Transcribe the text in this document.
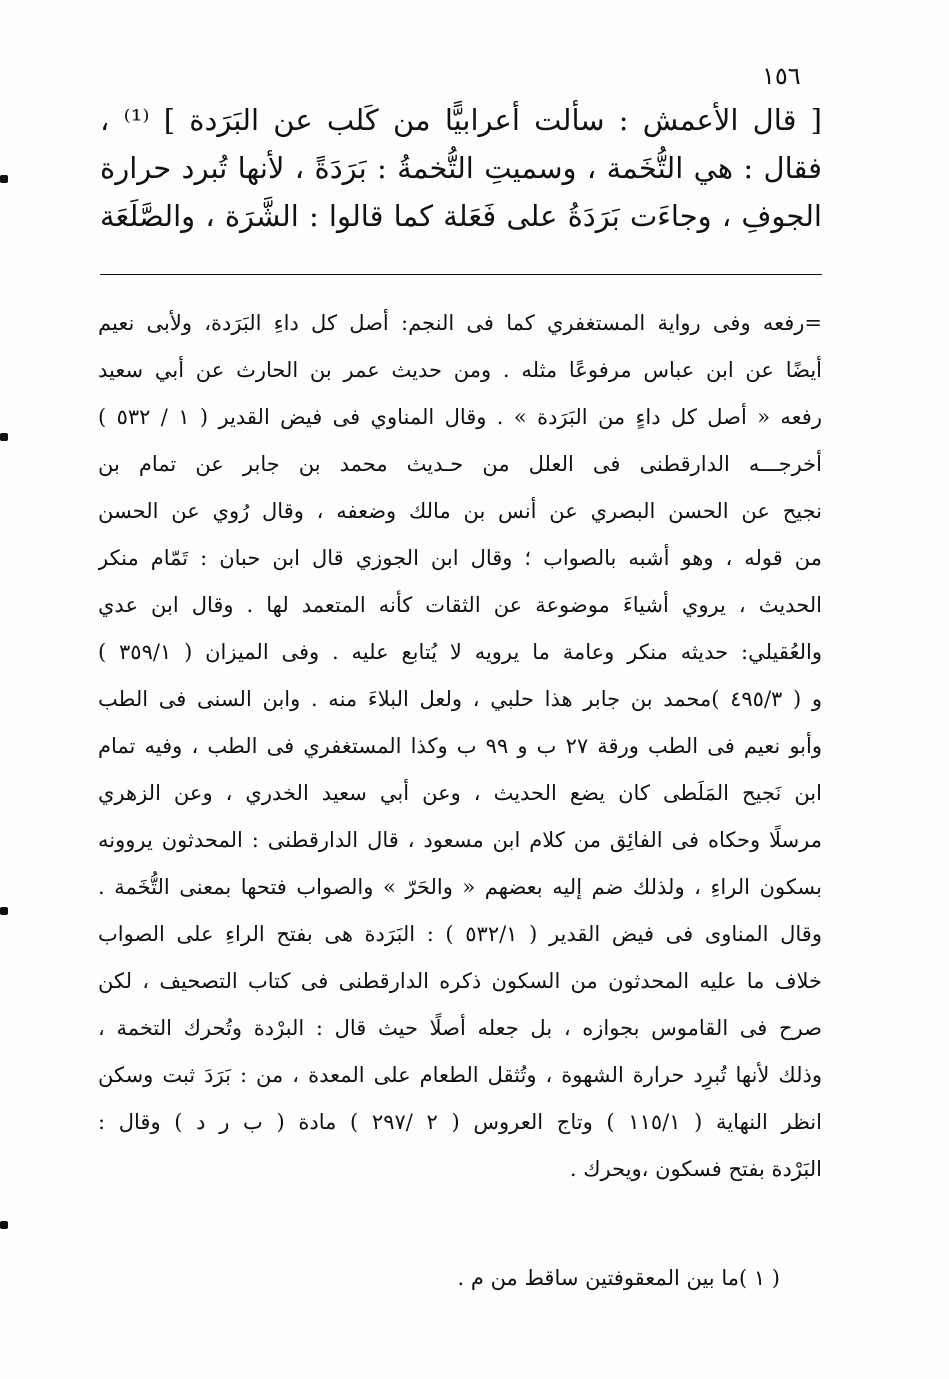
١٥٦
[ قال الأعمش : سألت أعرابيًّا من كَلب عن البَرَدة ] ⁽¹⁾ ،
فقال : هي التُّخَمة ، وسميتِ التُّخمةُ : بَرَدَةً ، لأنها تُبرد حرارة
الجوفِ ، وجاءَت بَرَدَةُ على فَعَلة كما قالوا : الشَّرَة ، والصَّلَعَة
=رفعه وفى رواية المستغفري كما فى النجم: أصل كل داءِ البَرَدة، ولأبى نعيم
أيضًا عن ابن عباس مرفوعًا مثله . ومن حديث عمر بن الحارث عن أبي سعيد
رفعه « أصل كل داءٍ من البَرَدة » . وقال المناوي فى فيض القدير ( ١ / ٥٣٢ )
أخرجـــه الدارقطنى فى العلل من حـديث محمد بن جابر عن تمام بن
نجيح عن الحسن البصري عن أنس بن مالك وضعفه ، وقال رُوي عن الحسن
من قوله ، وهو أشبه بالصواب ؛ وقال ابن الجوزي قال ابن حبان : تَمّام منكر
الحديث ، يروي أشياءَ موضوعة عن الثقات كأنه المتعمد لها . وقال ابن عدي
والعُقيلي: حديثه منكر وعامة ما يرويه لا يُتابع عليه . وفى الميزان ( ٣٥٩/١ )
و ( ٤٩٥/٣ )محمد بن جابر هذا حلبي ، ولعل البلاءَ منه . وابن السنى فى الطب
وأبو نعيم فى الطب ورقة ٢٧ ب و ٩٩ ب وكذا المستغفري فى الطب ، وفيه تمام
ابن نَجيح المَلَطى كان يضع الحديث ، وعن أبي سعيد الخدري ، وعن الزهري
مرسلًا وحكاه فى الفائِق من كلام ابن مسعود ، قال الدارقطنى : المحدثون يروونه
بسكون الراءِ ، ولذلك ضم إليه بعضهم « والحَرّ » والصواب فتحها بمعنى التُّخَمة .
وقال المناوى فى فيض القدير ( ٥٣٢/١ ) : البَرَدة هى بفتح الراءِ على الصواب
خلاف ما عليه المحدثون من السكون ذكره الدارقطنى فى كتاب التصحيف ، لكن
صرح فى القاموس بجوازه ، بل جعله أصلًا حيث قال : البرْدة وتُحرك التخمة ،
وذلك لأنها تُبرِد حرارة الشهوة ، وتُثقل الطعام على المعدة ، من : بَرَدَ ثبت وسكن
انظر النهاية ( ١١٥/١ ) وتاج العروس ( ٢ /٢٩٧ ) مادة ( ب ر د ) وقال :
البَرْدة بفتح فسكون ،ويحرك .
( ١ )ما بين المعقوفتين ساقط من م .
